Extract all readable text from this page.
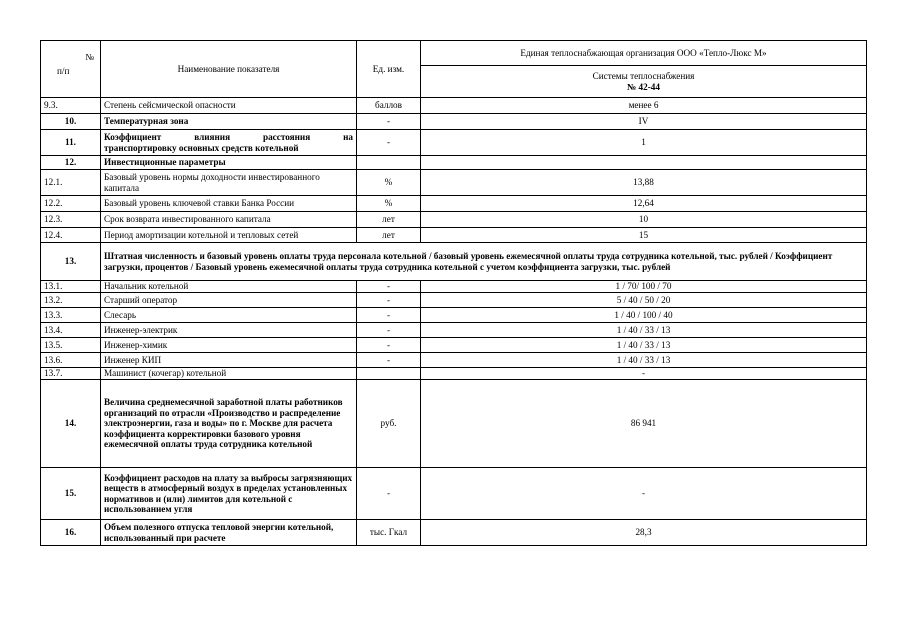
№
п/п	Наименование показателя	Ед. изм.	Единая теплоснабжающая организация ООО «Тепло-Люкс М»

			Системы теплоснабжения
№ 42-44

9.3.	Степень сейсмической опасности	баллов	менее 6
10.	Температурная зона	-	IV
11.	Коэффициент влияния расстояния на
транспортировку основных средств котельной	-	1
12.	Инвестиционные параметры		
12.1.	Базовый уровень нормы доходности инвестированного капитала	%	13,88
12.2.	Базовый уровень ключевой ставки Банка России	%	12,64
12.3.	Срок возврата инвестированного капитала	лет	10
12.4.	Период амортизации котельной и тепловых сетей	лет	15
13.	Штатная численность и базовый уровень оплаты труда персонала котельной / базовый уровень ежемесячной оплаты труда сотрудника котельной, тыс. рублей / Коэффициент загрузки, процентов / Базовый уровень ежемесячной оплаты труда сотрудника котельной с учетом коэффициента загрузки, тыс. рублей		
13.1.	Начальник котельной	-	1 / 70/ 100 / 70
13.2.	Старший оператор	-	5 / 40 / 50 / 20
13.3.	Слесарь	-	1 / 40 / 100 / 40
13.4.	Инженер-электрик	-	1 / 40 / 33 / 13
13.5.	Инженер-химик	-	1 / 40 / 33 / 13
13.6.	Инженер КИП	-	1 / 40 / 33 / 13
13.7.	Машинист (кочегар) котельной		-
14.	Величина среднемесячной заработной платы работников организаций по отрасли «Производство и распределение электроэнергии, газа и воды» по г. Москве для расчета коэффициента корректировки базового уровня ежемесячной оплаты труда сотрудника котельной	руб.	86 941
15.	Коэффициент расходов на плату за выбросы загрязняющих веществ в атмосферный воздух в пределах установленных нормативов и (или) лимитов для котельной с использованием угля	-	-
16.	Объем полезного отпуска тепловой энергии котельной, использованный при расчете	тыс. Гкал	28,3
